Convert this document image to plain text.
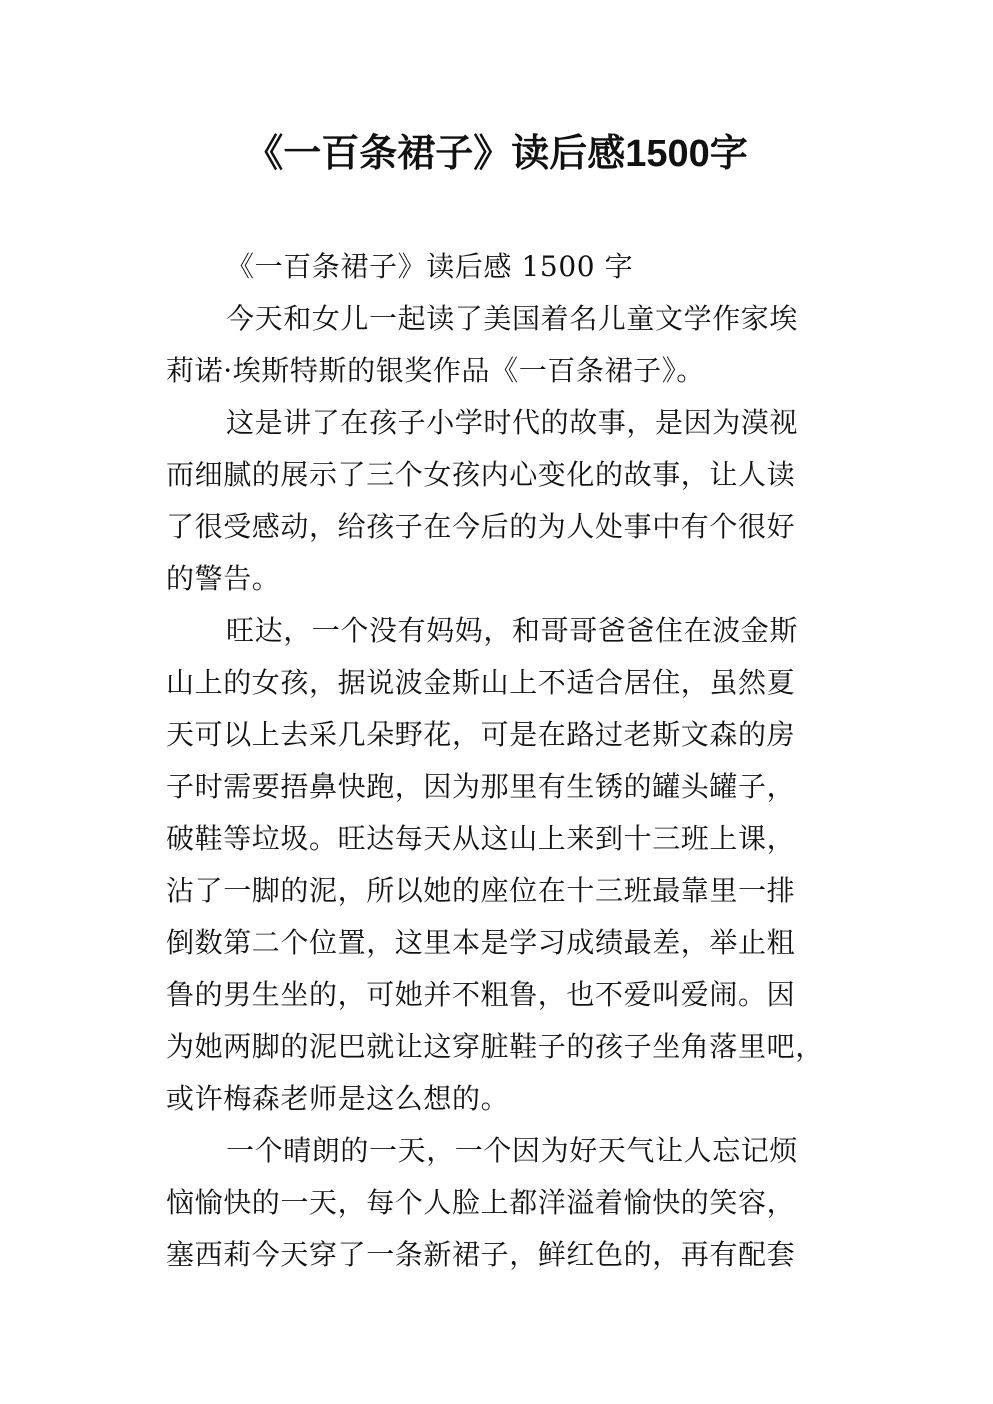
《一百条裙子》读后感1500字
《一百条裙子》读后感 1500 字
今天和女儿一起读了美国着名儿童文学作家埃
莉诺·埃斯特斯的银奖作品《一百条裙子》。
这是讲了在孩子小学时代的故事，是因为漠视
而细腻的展示了三个女孩内心变化的故事，让人读
了很受感动，给孩子在今后的为人处事中有个很好
的警告。
旺达，一个没有妈妈，和哥哥爸爸住在波金斯
山上的女孩，据说波金斯山上不适合居住，虽然夏
天可以上去采几朵野花，可是在路过老斯文森的房
子时需要捂鼻快跑，因为那里有生锈的罐头罐子，
破鞋等垃圾。旺达每天从这山上来到十三班上课，
沾了一脚的泥，所以她的座位在十三班最靠里一排
倒数第二个位置，这里本是学习成绩最差，举止粗
鲁的男生坐的，可她并不粗鲁，也不爱叫爱闹。因
为她两脚的泥巴就让这穿脏鞋子的孩子坐角落里吧，
或许梅森老师是这么想的。
一个晴朗的一天，一个因为好天气让人忘记烦
恼愉快的一天，每个人脸上都洋溢着愉快的笑容，
塞西莉今天穿了一条新裙子，鲜红色的，再有配套
